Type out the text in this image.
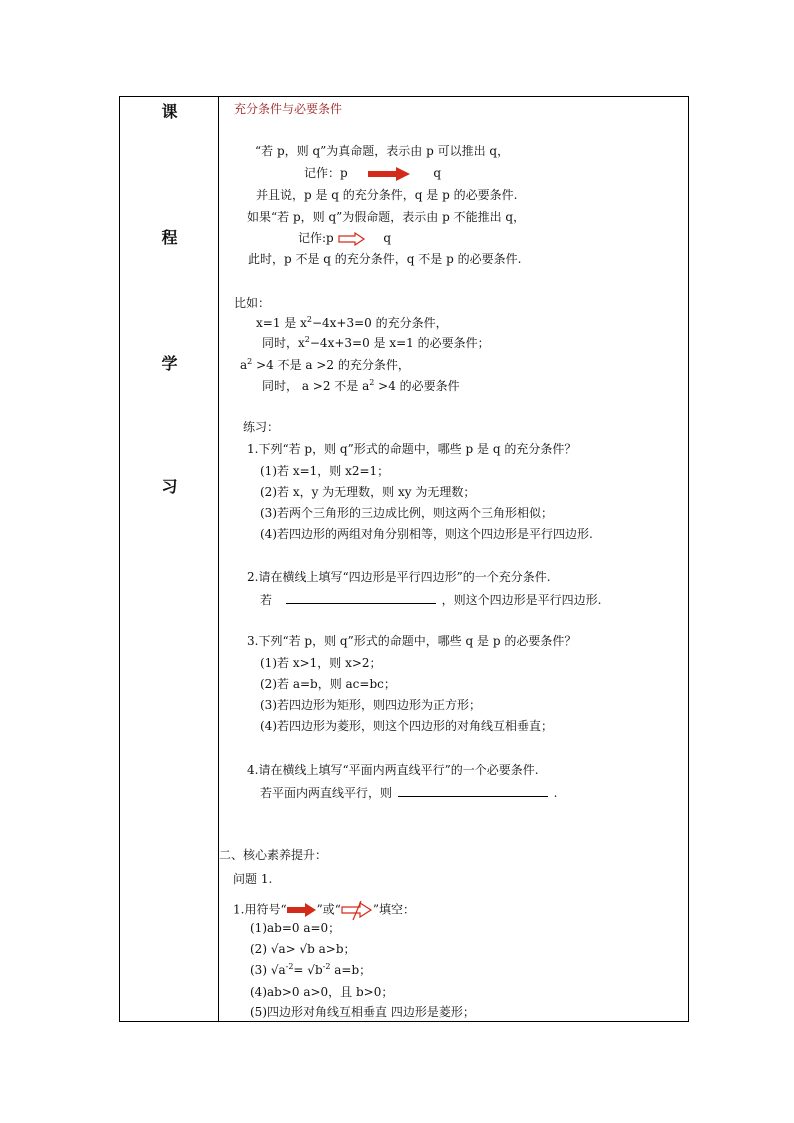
课
程
学
习
充分条件与必要条件
“若 p，则 q”为真命题，表示由 p 可以推出 q，
记作：p	q
并且说，p 是 q 的充分条件，q 是 p 的必要条件.
如果“若 p，则 q”为假命题，表示由 p 不能推出 q，
记作:p	q
此时，p 不是 q 的充分条件，q 不是 p 的必要条件.
比如：
x=1 是 $x^2-4x+3=0$ 的充分条件，
同时，$x^2-4x+3=0$ 是 x=1 的必要条件；
$a^2 >4$ 不是 a >2 的充分条件，
同时， a >2 不是 $a^2 >4$ 的必要条件
练习：
1.下列“若 p，则 q”形式的命题中，哪些 p 是 q 的充分条件？
(1)若 x=1，则 x2=1；
(2)若 x，y 为无理数，则 xy 为无理数；
(3)若两个三角形的三边成比例，则这两个三角形相似；
(4)若四边形的两组对角分别相等，则这个四边形是平行四边形.
2.请在横线上填写“四边形是平行四边形”的一个充分条件.
若	，则这个四边形是平行四边形.
3.下列“若 p，则 q”形式的命题中，哪些 q 是 p 的必要条件？
(1)若 x>1，则 x>2；
(2)若 a=b，则 ac=bc；
(3)若四边形为矩形，则四边形为正方形；
(4)若四边形为菱形，则这个四边形的对角线互相垂直；
4.请在横线上填写“平面内两直线平行”的一个必要条件.
若平面内两直线平行，则	.
二、核心素养提升：
问题 1.
1.用符号“	”或“	”填空：
(1)ab=0 a=0；
(2) √a> √b a>b；
(3) $√a^{-2}= √b^{-2}$ a=b；
(4)ab>0 a>0，且 b>0；
(5)四边形对角线互相垂直 四边形是菱形；
